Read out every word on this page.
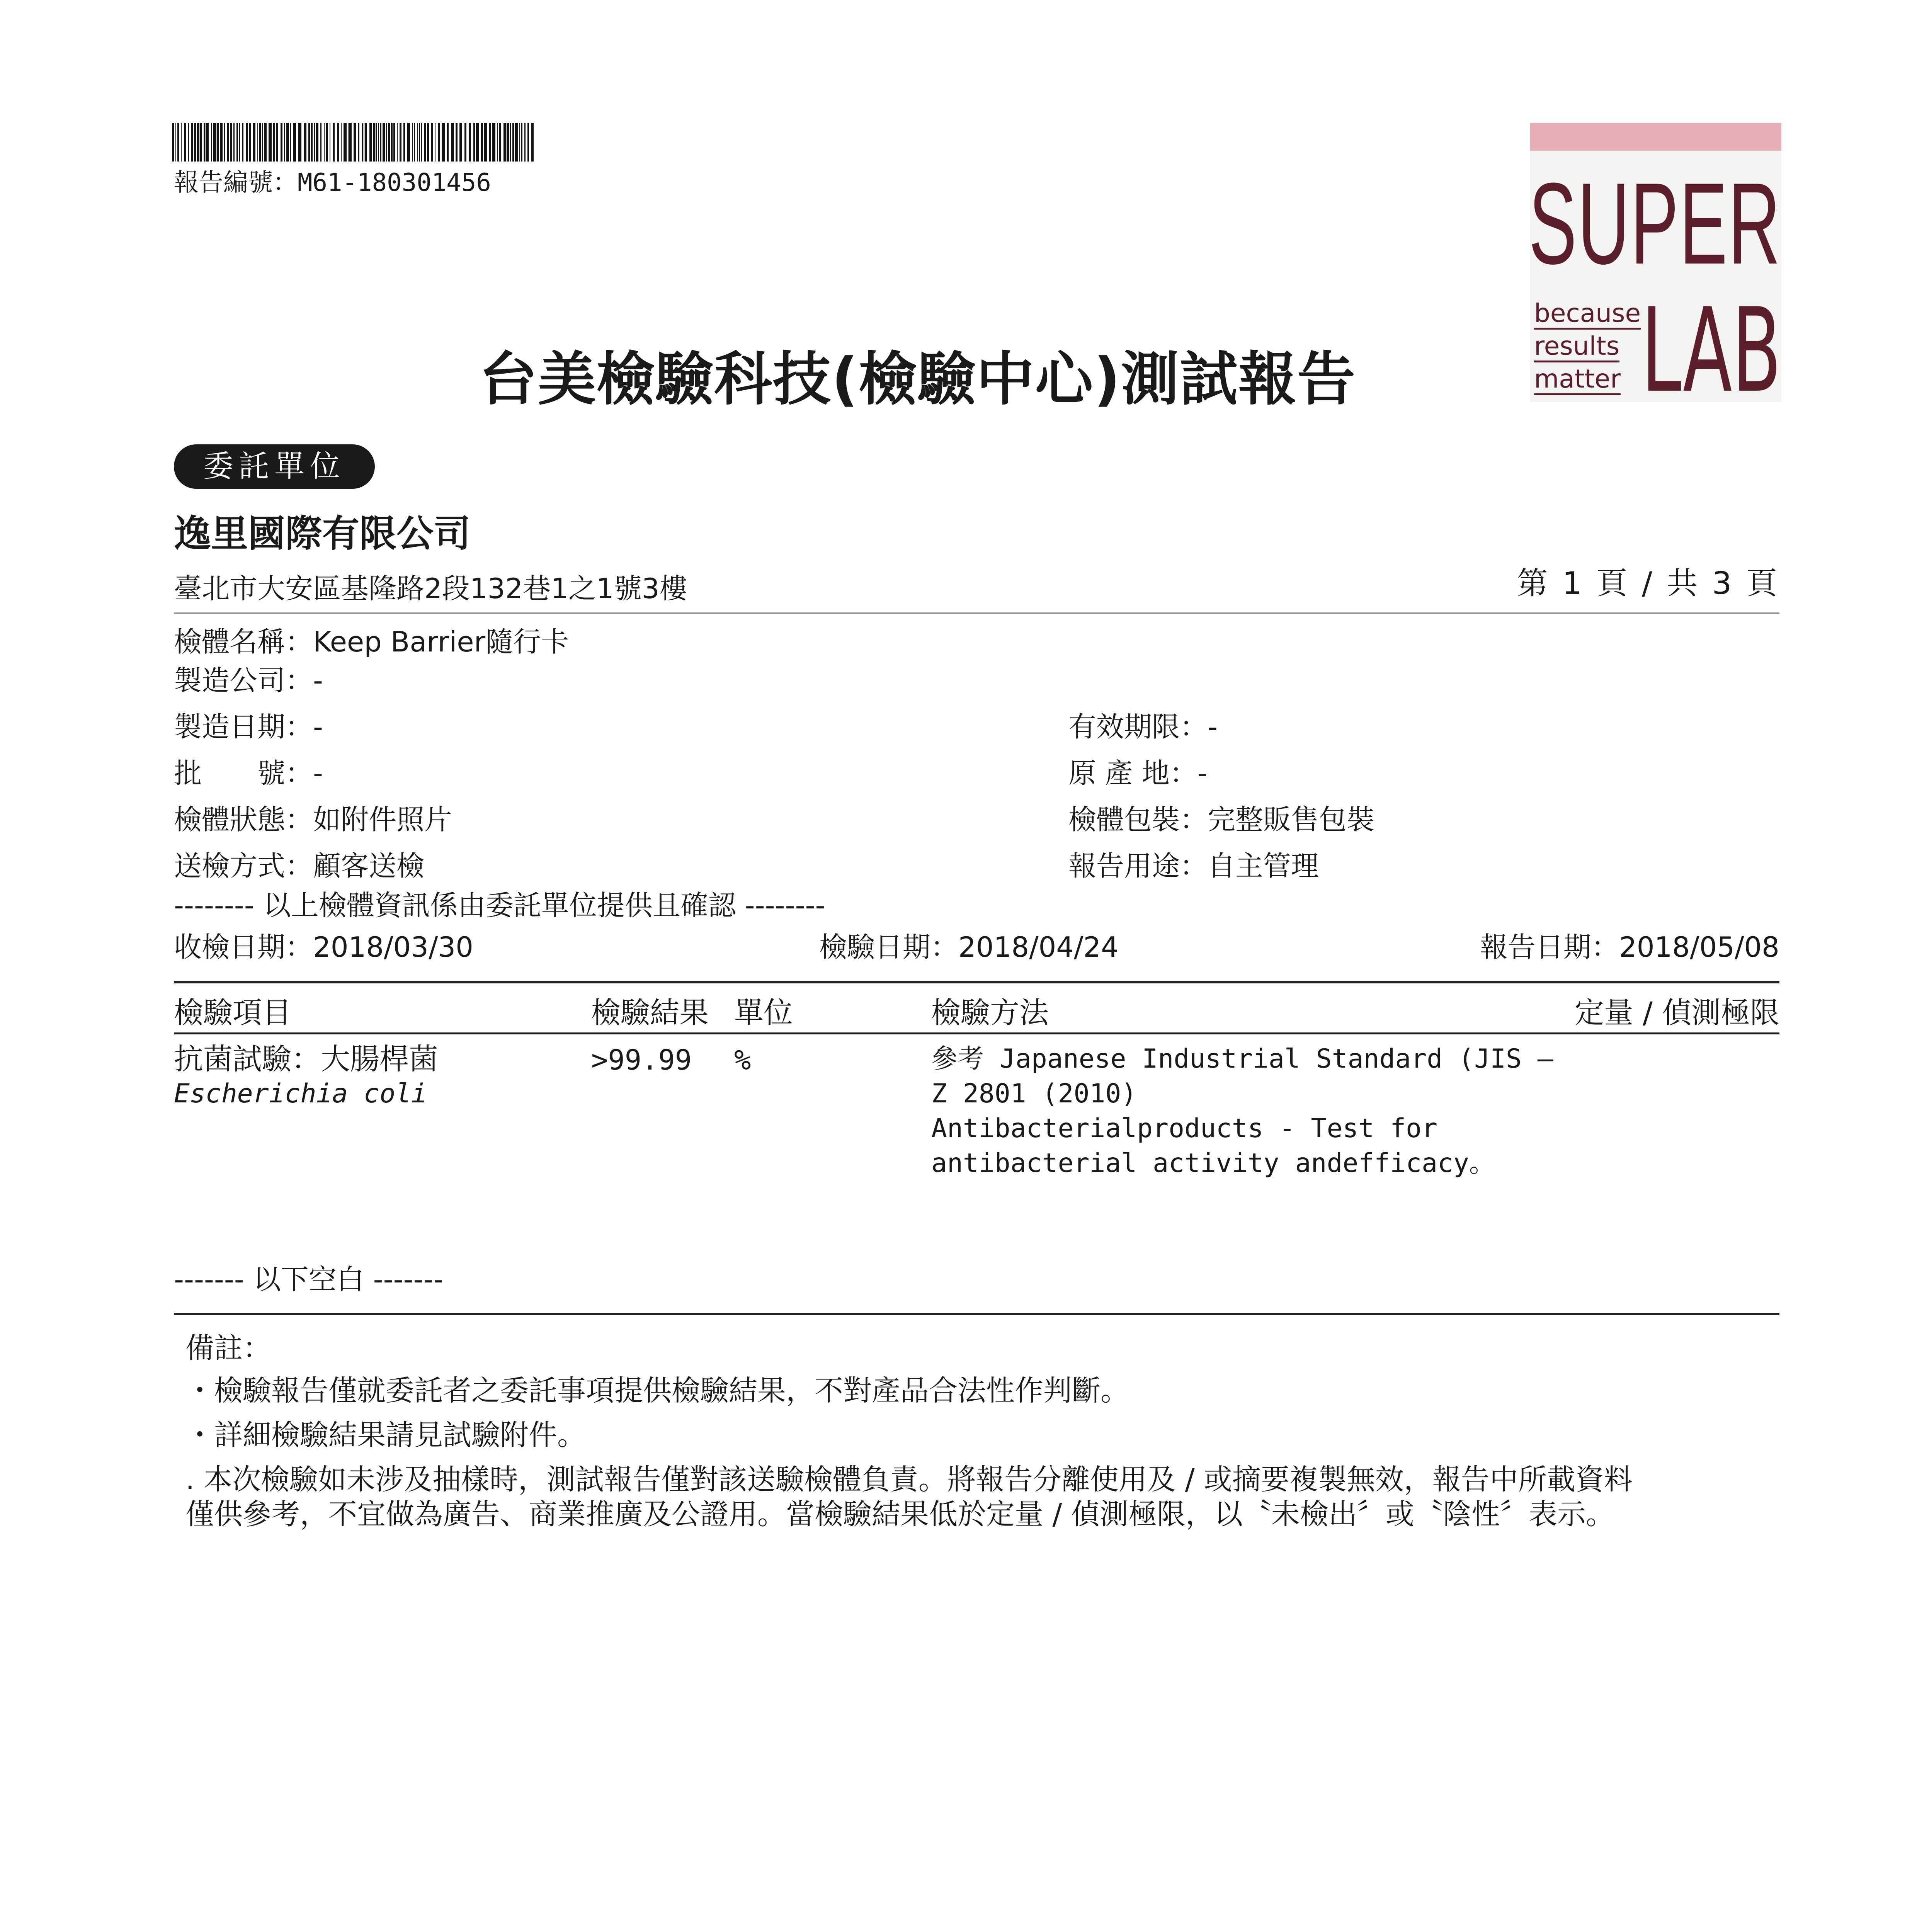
報告編號：M61-180301456	SUPER
LAB
because
results
matter
台美檢驗科技(檢驗中心)測試報告
委託單位
逸里國際有限公司
臺北市大安區基隆路2段132巷1之1號3樓	第 1 頁 / 共 3 頁
檢體名稱：Keep Barrier隨行卡
製造公司：-
製造日期：-	有效期限：-
批　　號：-	原 產 地：-
檢體狀態：如附件照片	檢體包裝：完整販售包裝
送檢方式：顧客送檢	報告用途：自主管理
-------- 以上檢體資訊係由委託單位提供且確認 --------
收檢日期：2018/03/30	檢驗日期：2018/04/24	報告日期：2018/05/08
檢驗項目	檢驗結果 單位	檢驗方法	定量 / 偵測極限
抗菌試驗：大腸桿菌
Escherichia coli
>99.99 %	參考 Japanese Industrial Standard (JIS —
Z 2801 (2010)
Antibacterialproducts - Test for
antibacterial activity andefficacy。
------- 以下空白 -------
備註：
・檢驗報告僅就委託者之委託事項提供檢驗結果，不對產品合法性作判斷。
・詳細檢驗結果請見試驗附件。
. 本次檢驗如未涉及抽樣時，測試報告僅對該送驗檢體負責。將報告分離使用及 / 或摘要複製無效，報告中所載資料
僅供參考，不宜做為廣告、商業推廣及公證用。當檢驗結果低於定量 / 偵測極限，以〝未檢出〞或〝陰性〞表示。
